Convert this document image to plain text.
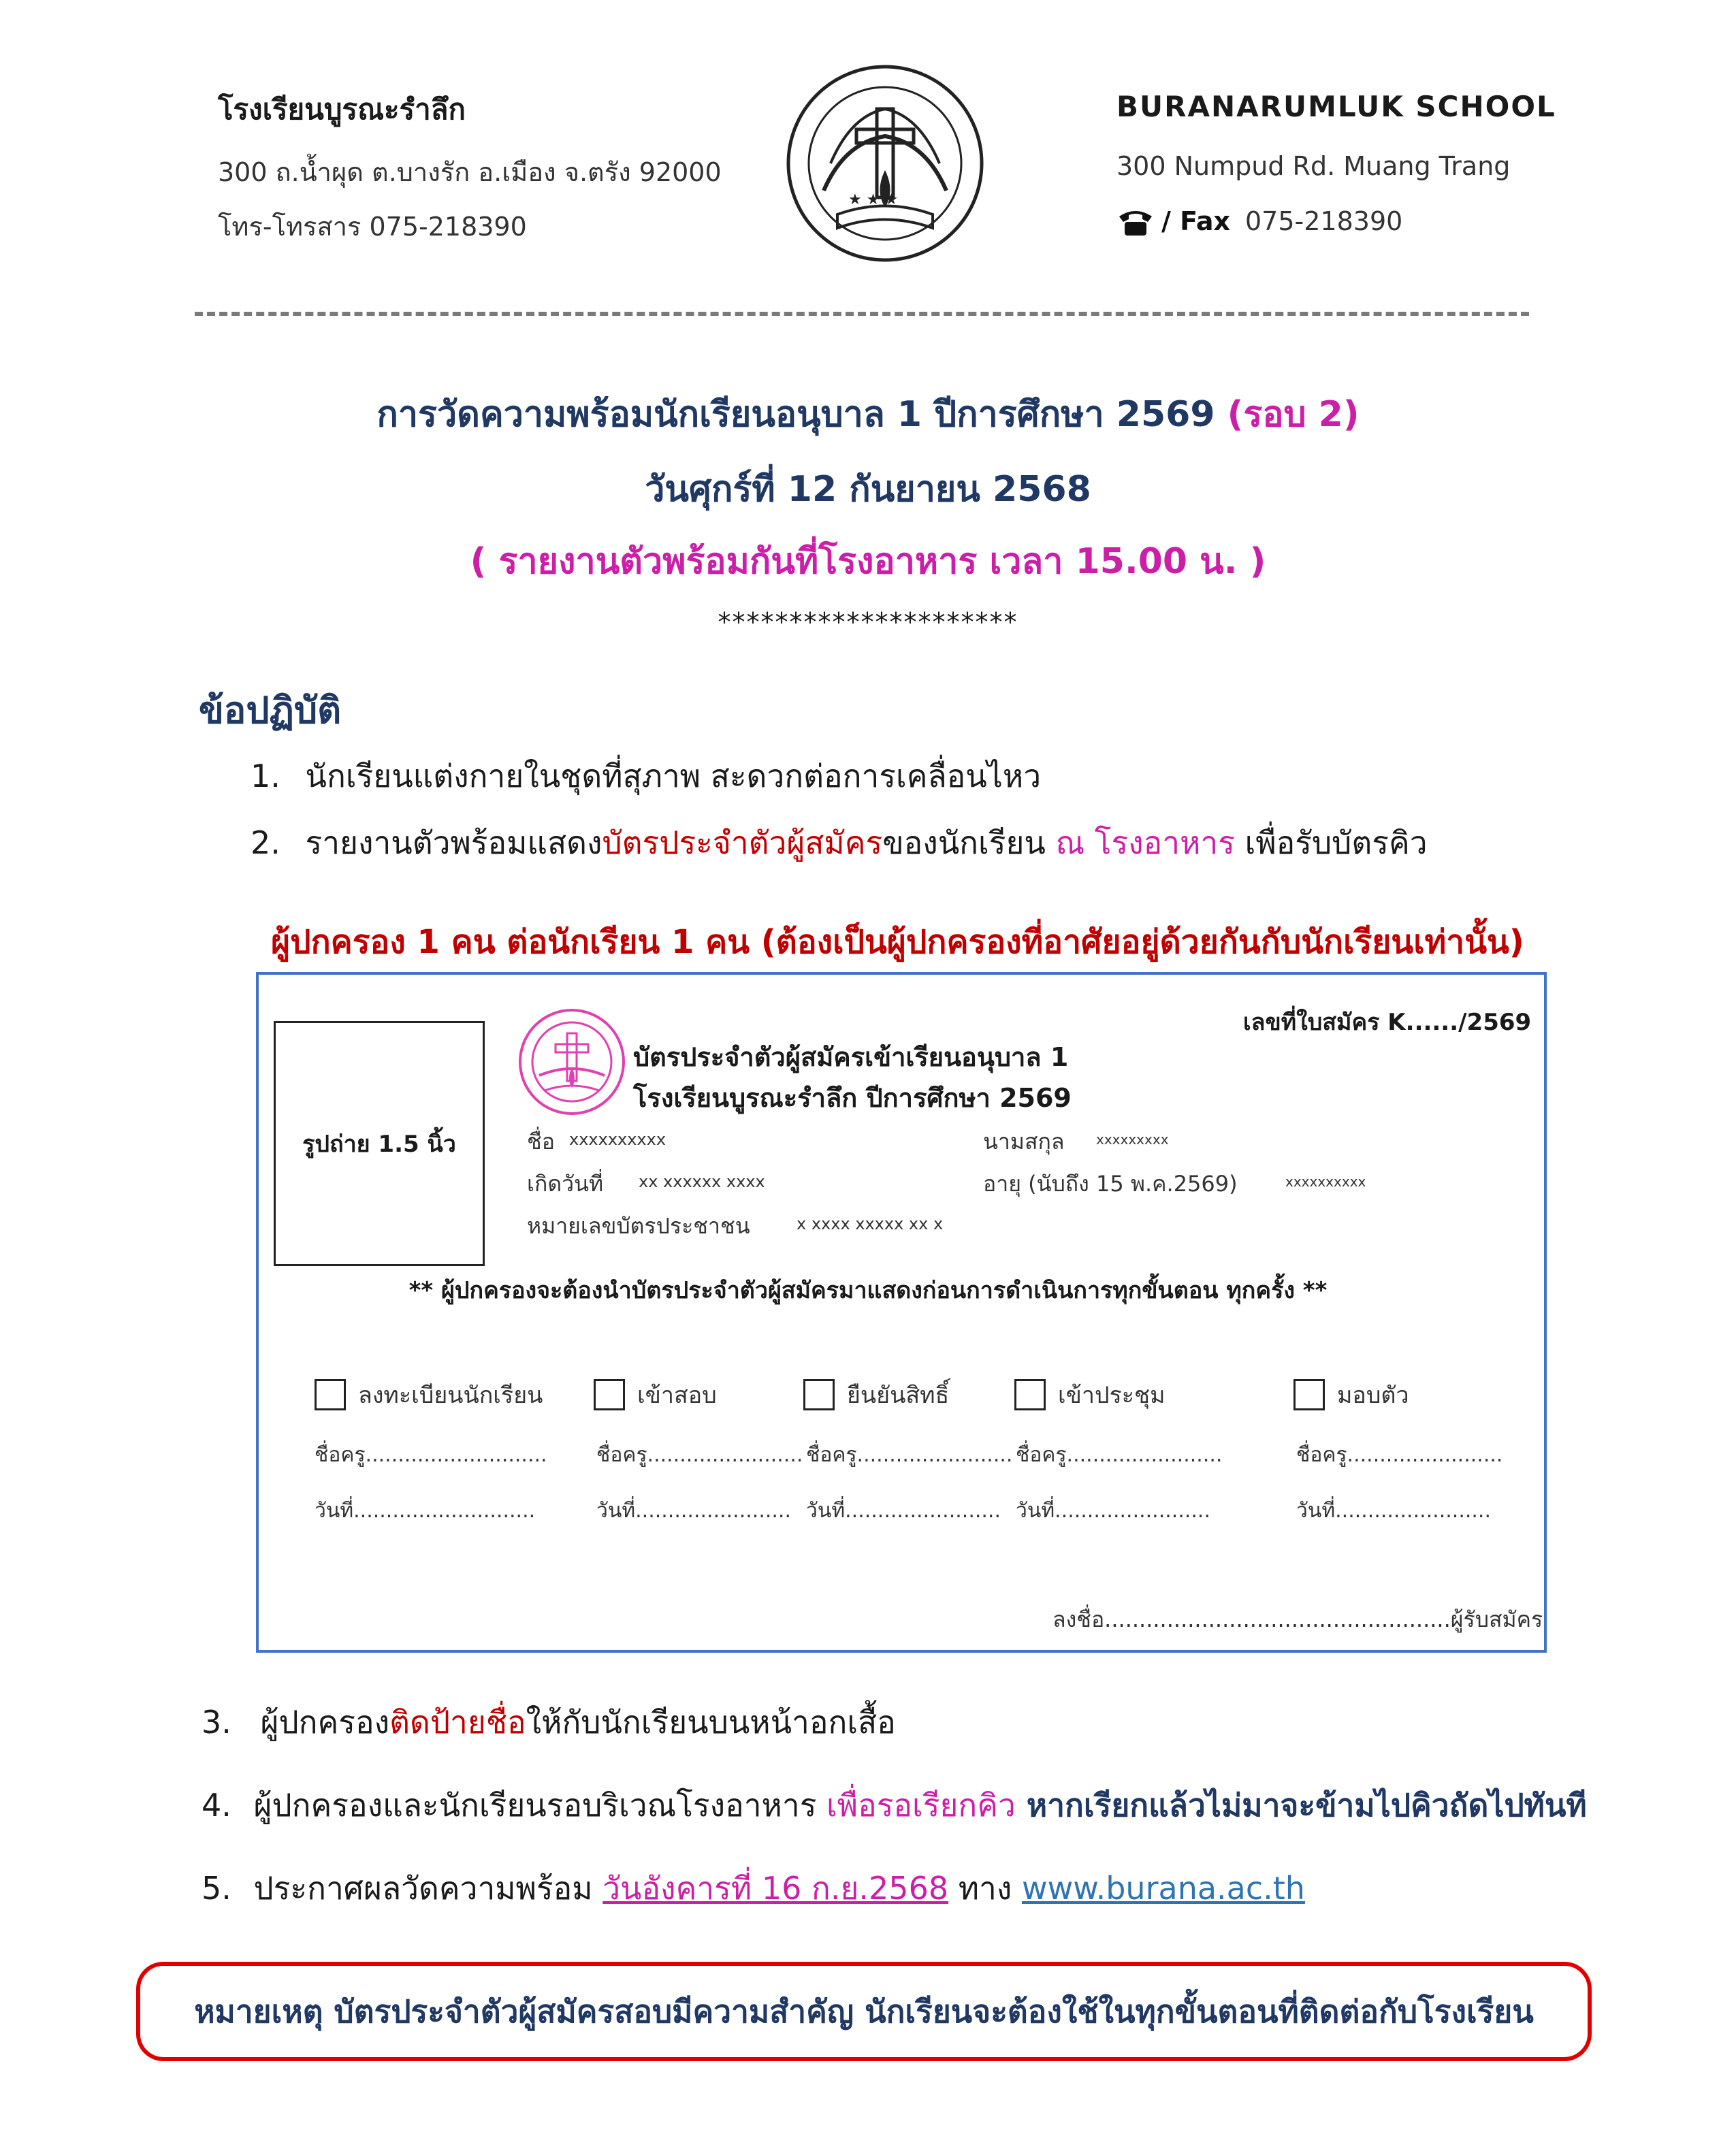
โรงเรียนบูรณะรำลึก
300 ถ.น้ำผุด ต.บางรัก อ.เมือง จ.ตรัง 92000
โทร-โทรสาร 075-218390
★ ★ ★
BURANARUMLUK SCHOOL
300 Numpud Rd. Muang Trang
/ Fax 075-218390
การวัดความพร้อมนักเรียนอนุบาล 1 ปีการศึกษา 2569 (รอบ 2)
วันศุกร์ที่ 12 กันยายน 2568
( รายงานตัวพร้อมกันที่โรงอาหาร เวลา 15.00 น. )
*********************
ข้อปฏิบัติ
1. นักเรียนแต่งกายในชุดที่สุภาพ สะดวกต่อการเคลื่อนไหว
2. รายงานตัวพร้อมแสดงบัตรประจำตัวผู้สมัครของนักเรียน ณ โรงอาหาร เพื่อรับบัตรคิว
ผู้ปกครอง 1 คน ต่อนักเรียน 1 คน (ต้องเป็นผู้ปกครองที่อาศัยอยู่ด้วยกันกับนักเรียนเท่านั้น)
รูปถ่าย 1.5 นิ้ว
เลขที่ใบสมัคร K....../2569
บัตรประจำตัวผู้สมัครเข้าเรียนอนุบาล 1
โรงเรียนบูรณะรำลึก ปีการศึกษา 2569
ชื่อ xxxxxxxxxx	นามสกุล xxxxxxxxx
เกิดวันที่ xx xxxxxx xxxx	อายุ (นับถึง 15 พ.ค.2569)	xxxxxxxxxx
หมายเลขบัตรประชาชน	x xxxx xxxxx xx x
** ผู้ปกครองจะต้องนำบัตรประจำตัวผู้สมัครมาแสดงก่อนการดำเนินการทุกขั้นตอน ทุกครั้ง **
ลงทะเบียนนักเรียน
ชื่อครู............................
วันที่............................
เข้าสอบ
ชื่อครู........................
วันที่........................
ยืนยันสิทธิ์
ชื่อครู........................
วันที่........................
เข้าประชุม
ชื่อครู........................
วันที่........................
มอบตัว
ชื่อครู........................
วันที่........................
ลงชื่อ..................................................ผู้รับสมัคร
3. ผู้ปกครองติดป้ายชื่อให้กับนักเรียนบนหน้าอกเสื้อ
4. ผู้ปกครองและนักเรียนรอบริเวณโรงอาหาร เพื่อรอเรียกคิว หากเรียกแล้วไม่มาจะข้ามไปคิวถัดไปทันที
5. ประกาศผลวัดความพร้อม วันอังคารที่ 16 ก.ย.2568 ทาง www.burana.ac.th
หมายเหตุ บัตรประจำตัวผู้สมัครสอบมีความสำคัญ นักเรียนจะต้องใช้ในทุกขั้นตอนที่ติดต่อกับโรงเรียน
